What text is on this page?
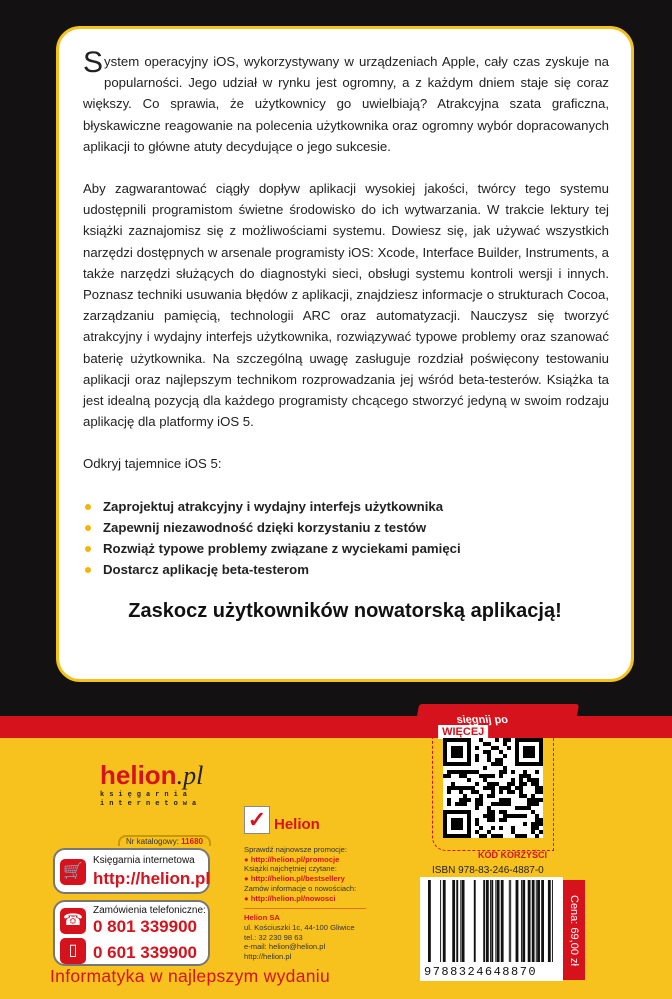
System operacyjny iOS, wykorzystywany w urządzeniach Apple, cały czas zyskuje na popularności. Jego udział w rynku jest ogromny, a z każdym dniem staje się coraz większy. Co sprawia, że użytkownicy go uwielbiają? Atrakcyjna szata graficzna, błyskawiczne reagowanie na polecenia użytkownika oraz ogromny wybór dopracowanych aplikacji to główne atuty decydujące o jego sukcesie.

Aby zagwarantować ciągły dopływ aplikacji wysokiej jakości, twórcy tego systemu udostępnili programistom świetne środowisko do ich wytwarzania. W trakcie lektury tej książki zaznajomisz się z możliwościami systemu. Dowiesz się, jak używać wszystkich narzędzi dostępnych w arsenale programisty iOS: Xcode, Interface Builder, Instruments, a także narzędzi służących do diagnostyki sieci, obsługi systemu kontroli wersji i innych. Poznasz techniki usuwania błędów z aplikacji, znajdziesz informacje o strukturach Cocoa, zarządzaniu pamięcią, technologii ARC oraz automatyzacji. Nauczysz się tworzyć atrakcyjny i wydajny interfejs użytkownika, rozwiązywać typowe problemy oraz szanować baterię użytkownika. Na szczególną uwagę zasługuje rozdział poświęcony testowaniu aplikacji oraz najlepszym technikom rozprowadzania jej wśród beta-testerów. Książka ta jest idealną pozycją dla każdego programisty chcącego stworzyć jedyną w swoim rodzaju aplikację dla platformy iOS 5.

Odkryj tajemnice iOS 5:

Zaprojektuj atrakcyjny i wydajny interfejs użytkownika
Zapewnij niezawodność dzięki korzystaniu z testów
Rozwiąż typowe problemy związane z wyciekami pamięci
Dostarcz aplikację beta-testerom
Zaskocz użytkowników nowatorską aplikacją!
helion.pl
księgarnia
internetowa
Nr katalogowy: 11680
🛒
Księgarnia internetowa
http://helion.pl
☎
▯
Zamówienia telefoniczne:
0 801 339900
0 601 339900
✓ Helion
Sprawdź najnowsze promocje:
● http://helion.pl/promocje
Książki najchętniej czytane:
● http://helion.pl/bestsellery
Zamów informacje o nowościach:
● http://helion.pl/nowosci
Helion SA
ul. Kościuszki 1c, 44-100 Gliwice
tel.: 32 230 98 63
e-mail: helion@helion.pl
http://helion.pl
Informatyka w najlepszym wydaniu
sięgnij po
WIĘCEJ
KOD KORZYŚCI
ISBN 978-83-246-4887-0
9788324648870
Cena: 69,00 zł
